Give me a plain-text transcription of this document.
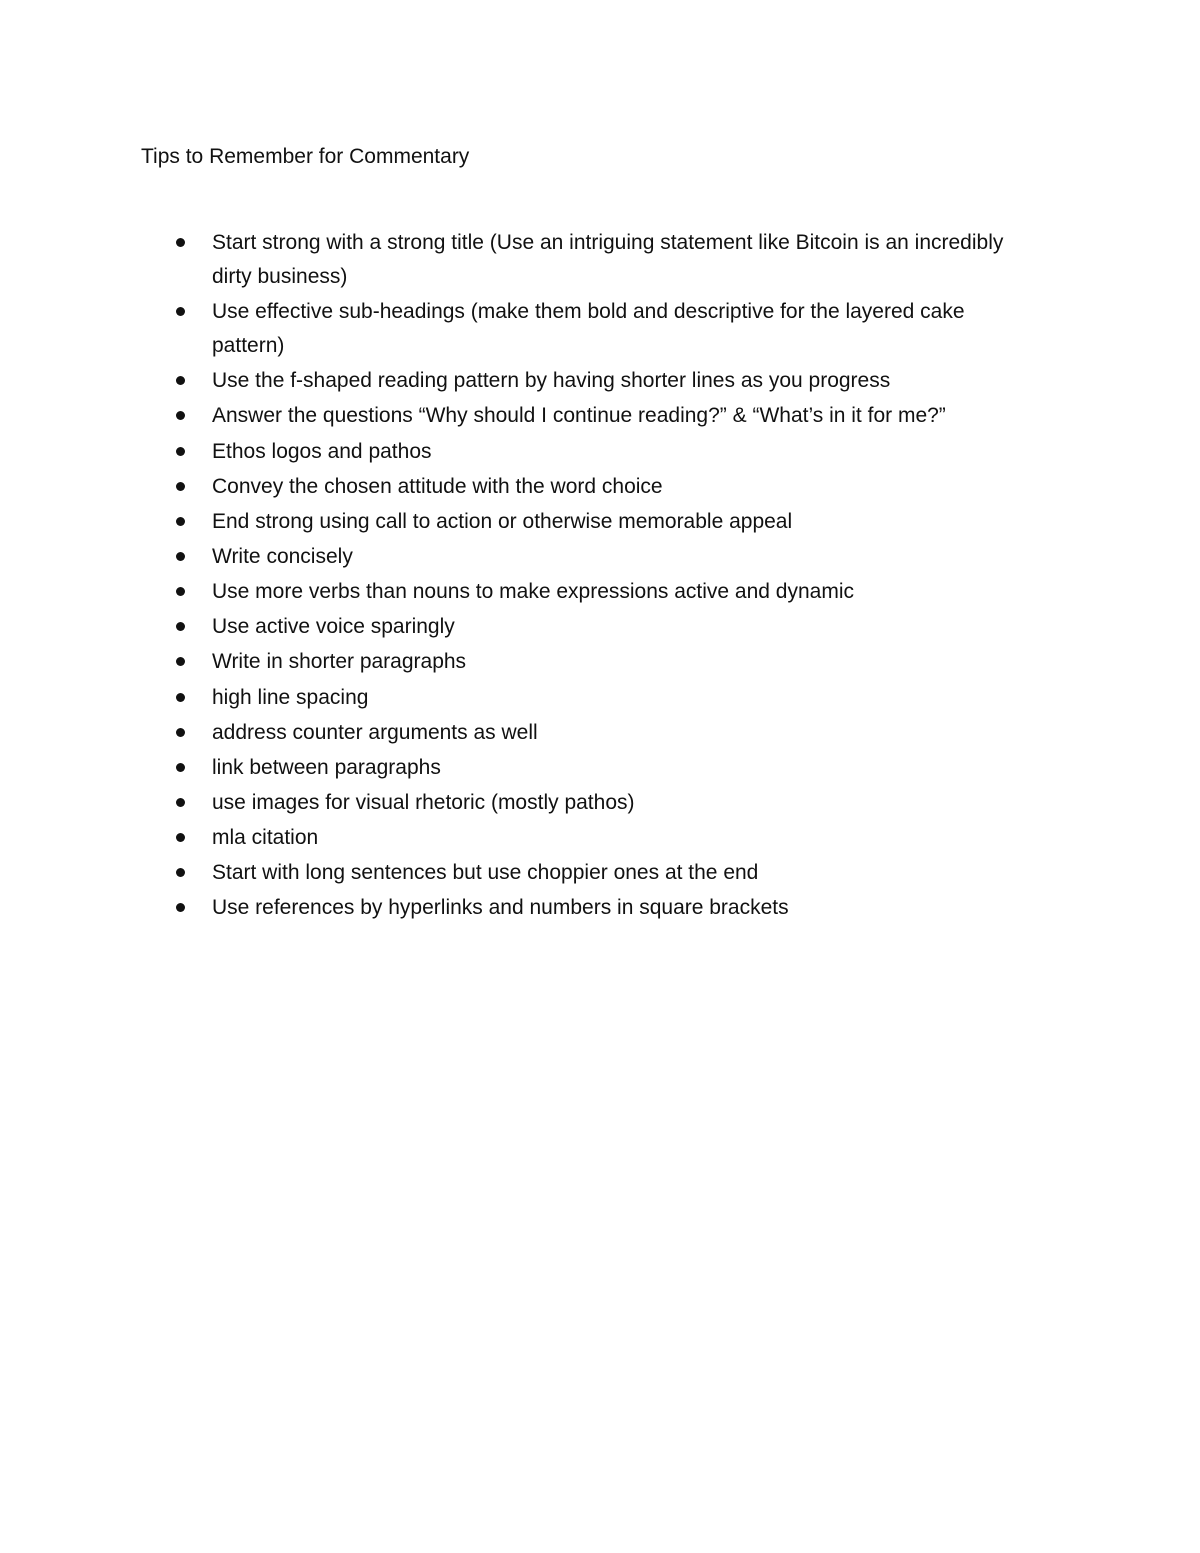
Tips to Remember for Commentary
Start strong with a strong title (Use an intriguing statement like Bitcoin is an incredibly dirty business)
Use effective sub-headings (make them bold and descriptive for the layered cake pattern)
Use the f-shaped reading pattern by having shorter lines as you progress
Answer the questions “Why should I continue reading?” & “What’s in it for me?”
Ethos logos and pathos
Convey the chosen attitude with the word choice
End strong using call to action or otherwise memorable appeal
Write concisely
Use more verbs than nouns to make expressions active and dynamic
Use active voice sparingly
Write in shorter paragraphs
high line spacing
address counter arguments as well
link between paragraphs
use images for visual rhetoric (mostly pathos)
mla citation
Start with long sentences but use choppier ones at the end
Use references by hyperlinks and numbers in square brackets
